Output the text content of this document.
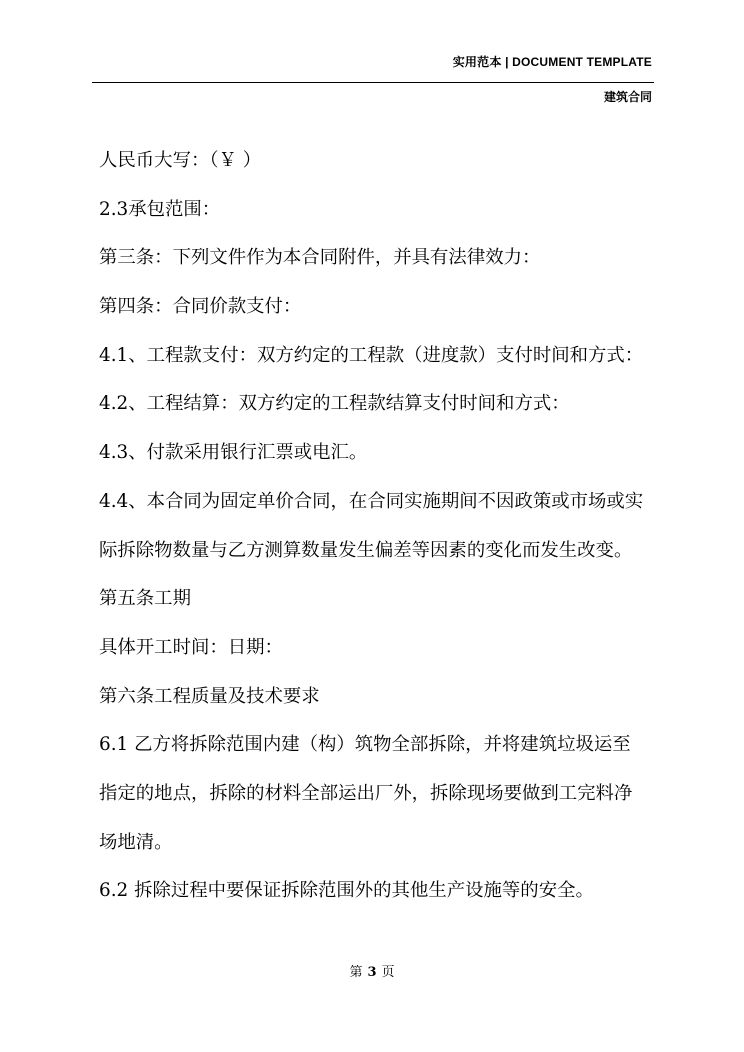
实用范本 | DOCUMENT TEMPLATE
建筑合同
人民币大写：（￥ ）
2.3承包范围：
第三条：下列文件作为本合同附件，并具有法律效力：
第四条：合同价款支付：
4.1、工程款支付：双方约定的工程款（进度款）支付时间和方式：
4.2、工程结算：双方约定的工程款结算支付时间和方式：
4.3、付款采用银行汇票或电汇。
4.4、本合同为固定单价合同，在合同实施期间不因政策或市场或实
际拆除物数量与乙方测算数量发生偏差等因素的变化而发生改变。
第五条工期
具体开工时间：日期：
第六条工程质量及技术要求
6.1 乙方将拆除范围内建（构）筑物全部拆除，并将建筑垃圾运至
指定的地点，拆除的材料全部运出厂外，拆除现场要做到工完料净
场地清。
6.2 拆除过程中要保证拆除范围外的其他生产设施等的安全。
第 3 页
